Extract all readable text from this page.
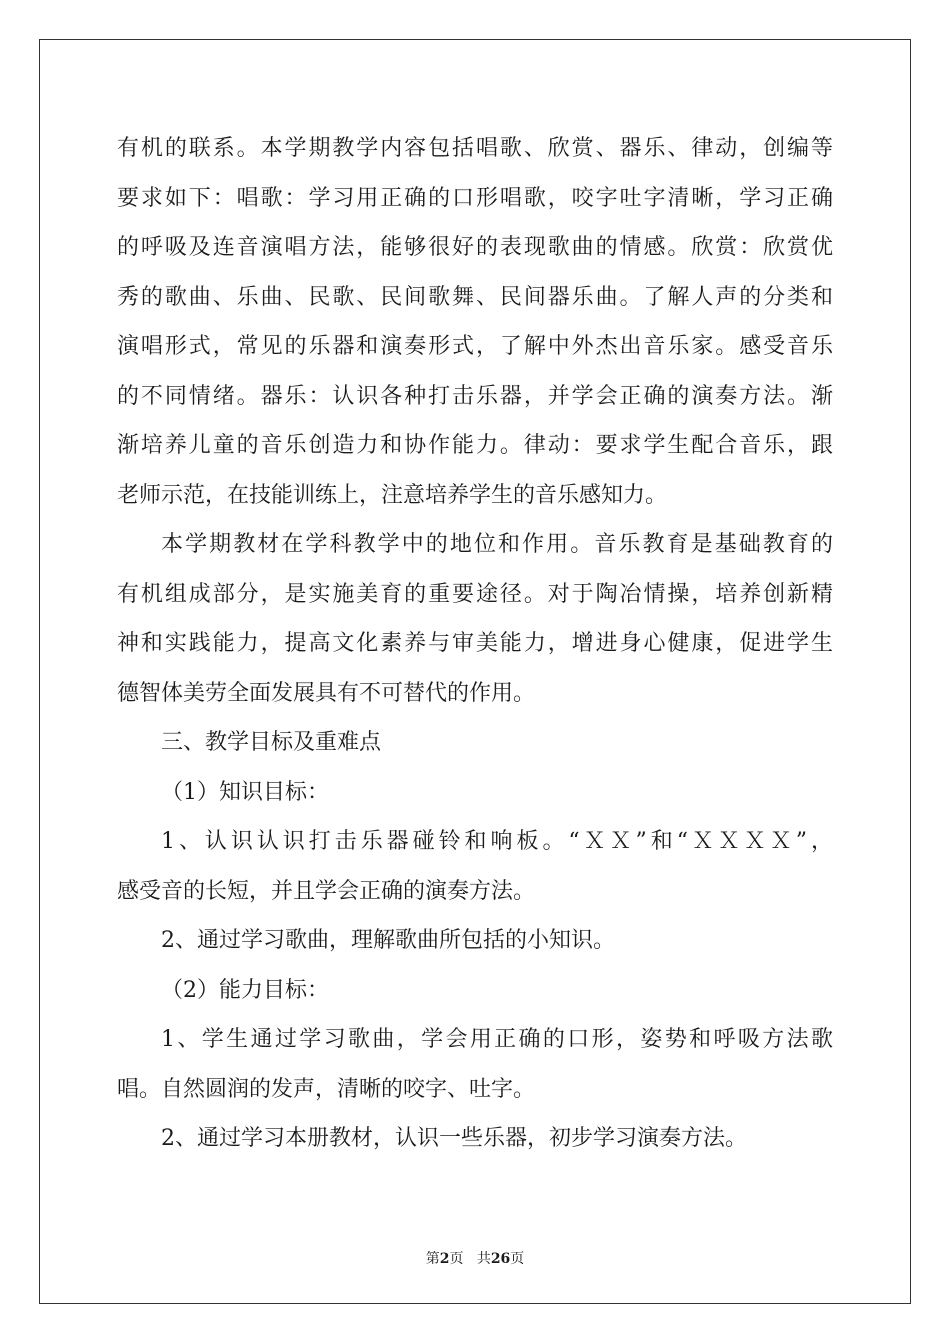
有机的联系。本学期教学内容包括唱歌、欣赏、器乐、律动，创编等
要求如下：唱歌：学习用正确的口形唱歌，咬字吐字清晰，学习正确
的呼吸及连音演唱方法，能够很好的表现歌曲的情感。欣赏：欣赏优
秀的歌曲、乐曲、民歌、民间歌舞、民间器乐曲。了解人声的分类和
演唱形式，常见的乐器和演奏形式，了解中外杰出音乐家。感受音乐
的不同情绪。器乐：认识各种打击乐器，并学会正确的演奏方法。渐
渐培养儿童的音乐创造力和协作能力。律动：要求学生配合音乐，跟
老师示范，在技能训练上，注意培养学生的音乐感知力。
本学期教材在学科教学中的地位和作用。音乐教育是基础教育的
有机组成部分，是实施美育的重要途径。对于陶冶情操，培养创新精
神和实践能力，提高文化素养与审美能力，增进身心健康，促进学生
德智体美劳全面发展具有不可替代的作用。
三、教学目标及重难点
（1）知识目标：
1、认识认识打击乐器碰铃和响板。“ＸＸ”和“ＸＸＸＸ”，
感受音的长短，并且学会正确的演奏方法。
2、通过学习歌曲，理解歌曲所包括的小知识。
（2）能力目标：
1、学生通过学习歌曲，学会用正确的口形，姿势和呼吸方法歌
唱。自然圆润的发声，清晰的咬字、吐字。
2、通过学习本册教材，认识一些乐器，初步学习演奏方法。
第2页 共26页
